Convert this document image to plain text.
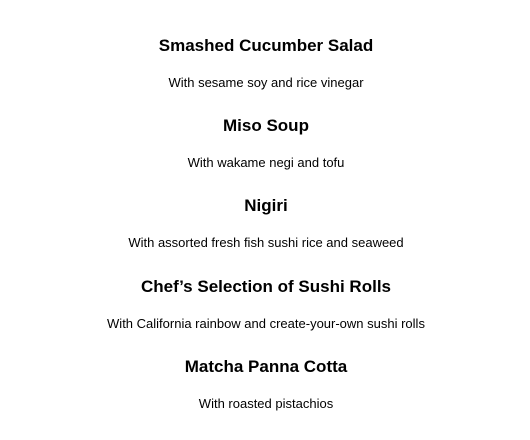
Smashed Cucumber Salad

With sesame soy and rice vinegar

Miso Soup

With wakame negi and tofu

Nigiri

With assorted fresh fish sushi rice and seaweed

Chef’s Selection of Sushi Rolls

With California rainbow and create-your-own sushi rolls

Matcha Panna Cotta

With roasted pistachios
